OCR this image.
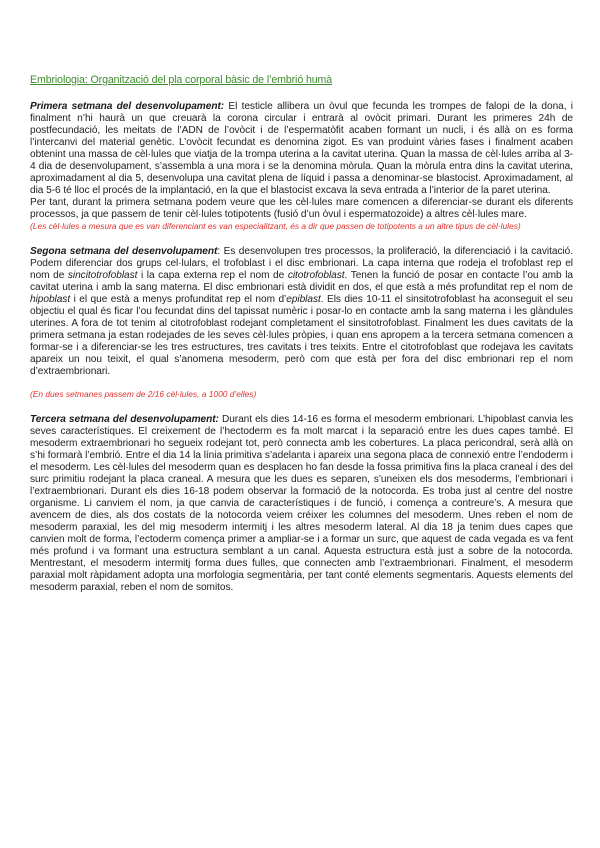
Embriologia: Organització del pla corporal bàsic de l’embrió humà

Primera setmana del desenvolupament: El testicle allibera un òvul que fecunda les trompes de falopi de la dona, i finalment n’hi haurà un que creuarà la corona circular i entrarà al ovòcit primari. Durant les primeres 24h de postfecundació, les meitats de l’ADN de l’ovòcit i de l’espermatòfit acaben formant un nucli, i és allà on es forma l’intercanvi del material genètic. L’ovòcit fecundat es denomina zigot. Es van produint vàries fases i finalment acaben obtenint una massa de cèl·lules que viatja de la trompa uterina a la cavitat uterina. Quan la massa de cèl·lules arriba al 3-4 dia de desenvolupament, s’assembla a una mora i se la denomina mòrula. Quan la mòrula entra dins la cavitat uterina, aproximadament al dia 5, desenvolupa una cavitat plena de líquid i passa a denominar-se blastocist. Aproximadament, al dia 5-6 té lloc el procés de la implantació, en la que el blastocist excava la seva entrada a l’interior de la paret uterina.

Per tant, durant la primera setmana podem veure que les cèl·lules mare comencen a diferenciar-se durant els diferents processos, ja que passem de tenir cèl·lules totipotents (fusió d’un òvul i espermatozoide) a altres cèl·lules mare.

(Les cèl·lules a mesura que es van diferenciant es van especialitzant, és a dir que passen de totipotents a un altre tipus de cèl·lules)

Segona setmana del desenvolupament: Es desenvolupen tres processos, la proliferació, la diferenciació i la cavitació. Podem diferenciar dos grups cel·lulars, el trofoblast i el disc embrionari. La capa interna que rodeja el trofoblast rep el nom de sincitotrofoblast i la capa externa rep el nom de citotrofoblast. Tenen la funció de posar en contacte l’ou amb la cavitat uterina i amb la sang materna. El disc embrionari està dividit en dos, el que està a més profunditat rep el nom de hipoblast i el que està a menys profunditat rep el nom d’epiblast. Els dies 10-11 el sinsitotrofoblast ha aconseguit el seu objectiu el qual és ficar l’ou fecundat dins del tapissat numèric i posar-lo en contacte amb la sang materna i les glàndules uterines. A fora de tot tenim al citotrofoblast rodejant completament el sinsitotrofoblast. Finalment les dues cavitats de la primera setmana ja estan rodejades de les seves cèl·lules pròpies, i quan ens apropem a la tercera setmana comencen a formar-se i a diferenciar-se les tres estructures, tres cavitats i tres teixits. Entre el citotrofoblast que rodejava les cavitats apareix un nou teixit, el qual s’anomena mesoderm, però com que està per fora del disc embrionari rep el nom d’extraembrionari.

(En dues setmanes passem de 2/16 cèl·lules, a 1000 d’elles)

Tercera setmana del desenvolupament: Durant els dies 14-16 es forma el mesoderm embrionari. L’hipoblast canvia les seves característiques. El creixement de l’hectoderm es fa molt marcat i la separació entre les dues capes també. El mesoderm extraembrionari ho segueix rodejant tot, però connecta amb les cobertures. La placa pericondral, serà allà on s’hi formarà l’embrió. Entre el dia 14 la línia primitiva s’adelanta i apareix una segona placa de connexió entre l’endoderm i el mesoderm. Les cèl·lules del mesoderm quan es desplacen ho fan desde la fossa primitiva fins la placa craneal i des del surc primitiu rodejant la placa craneal. A mesura que les dues es separen, s’uneixen els dos mesoderms, l’embrionari i l’extraembrionari. Durant els dies 16-18 podem observar la formació de la notocorda. Es troba just al centre del nostre organisme. Li canviem el nom, ja que canvia de característiques i de funció, i comença a contreure’s. A mesura que avencem de dies, als dos costats de la notocorda veiem créixer les columnes del mesoderm. Unes reben el nom de mesoderm paraxial, les del mig mesoderm intermitj i les altres mesoderm lateral. Al dia 18 ja tenim dues capes que canvien molt de forma, l’ectoderm comença primer a ampliar-se i a formar un surc, que aquest de cada vegada es va fent més profund i va formant una estructura semblant a un canal. Aquesta estructura està just a sobre de la notocorda. Mentrestant, el mesoderm intermitj forma dues fulles, que connecten amb l’extraembrionari. Finalment, el mesoderm paraxial molt ràpidament adopta una morfologia segmentària, per tant conté elements segmentaris. Aquests elements del mesoderm paraxial, reben el nom de somitos.
